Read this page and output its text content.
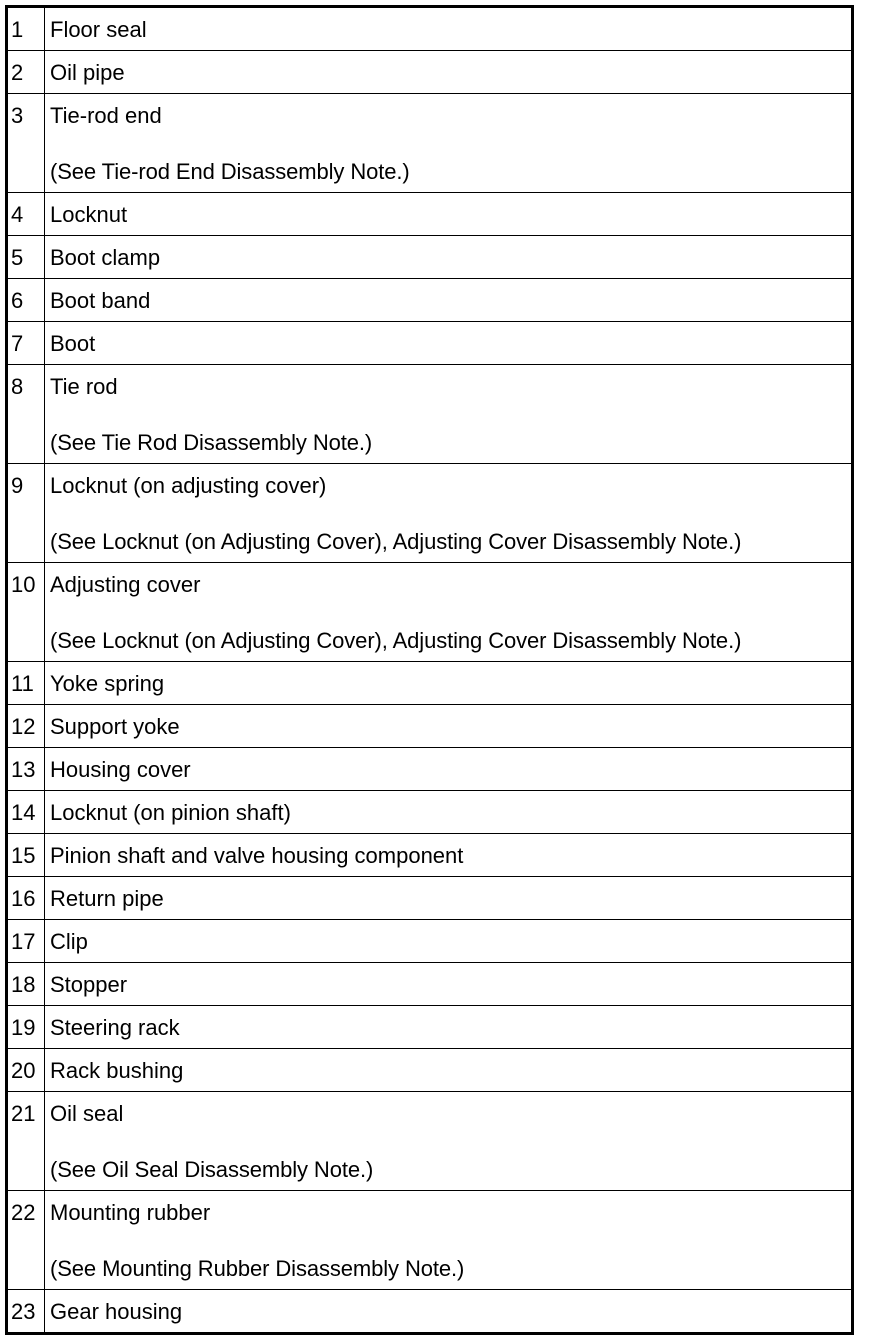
1	Floor seal

2	Oil pipe

3	Tie-rod end
(See Tie-rod End Disassembly Note.)

4	Locknut

5	Boot clamp

6	Boot band

7	Boot

8	Tie rod
(See Tie Rod Disassembly Note.)

9	Locknut (on adjusting cover)
(See Locknut (on Adjusting Cover), Adjusting Cover Disassembly Note.)

10	Adjusting cover
(See Locknut (on Adjusting Cover), Adjusting Cover Disassembly Note.)

11	Yoke spring

12	Support yoke

13	Housing cover

14	Locknut (on pinion shaft)

15	Pinion shaft and valve housing component

16	Return pipe

17	Clip

18	Stopper

19	Steering rack

20	Rack bushing

21	Oil seal
(See Oil Seal Disassembly Note.)

22	Mounting rubber
(See Mounting Rubber Disassembly Note.)

23	Gear housing
